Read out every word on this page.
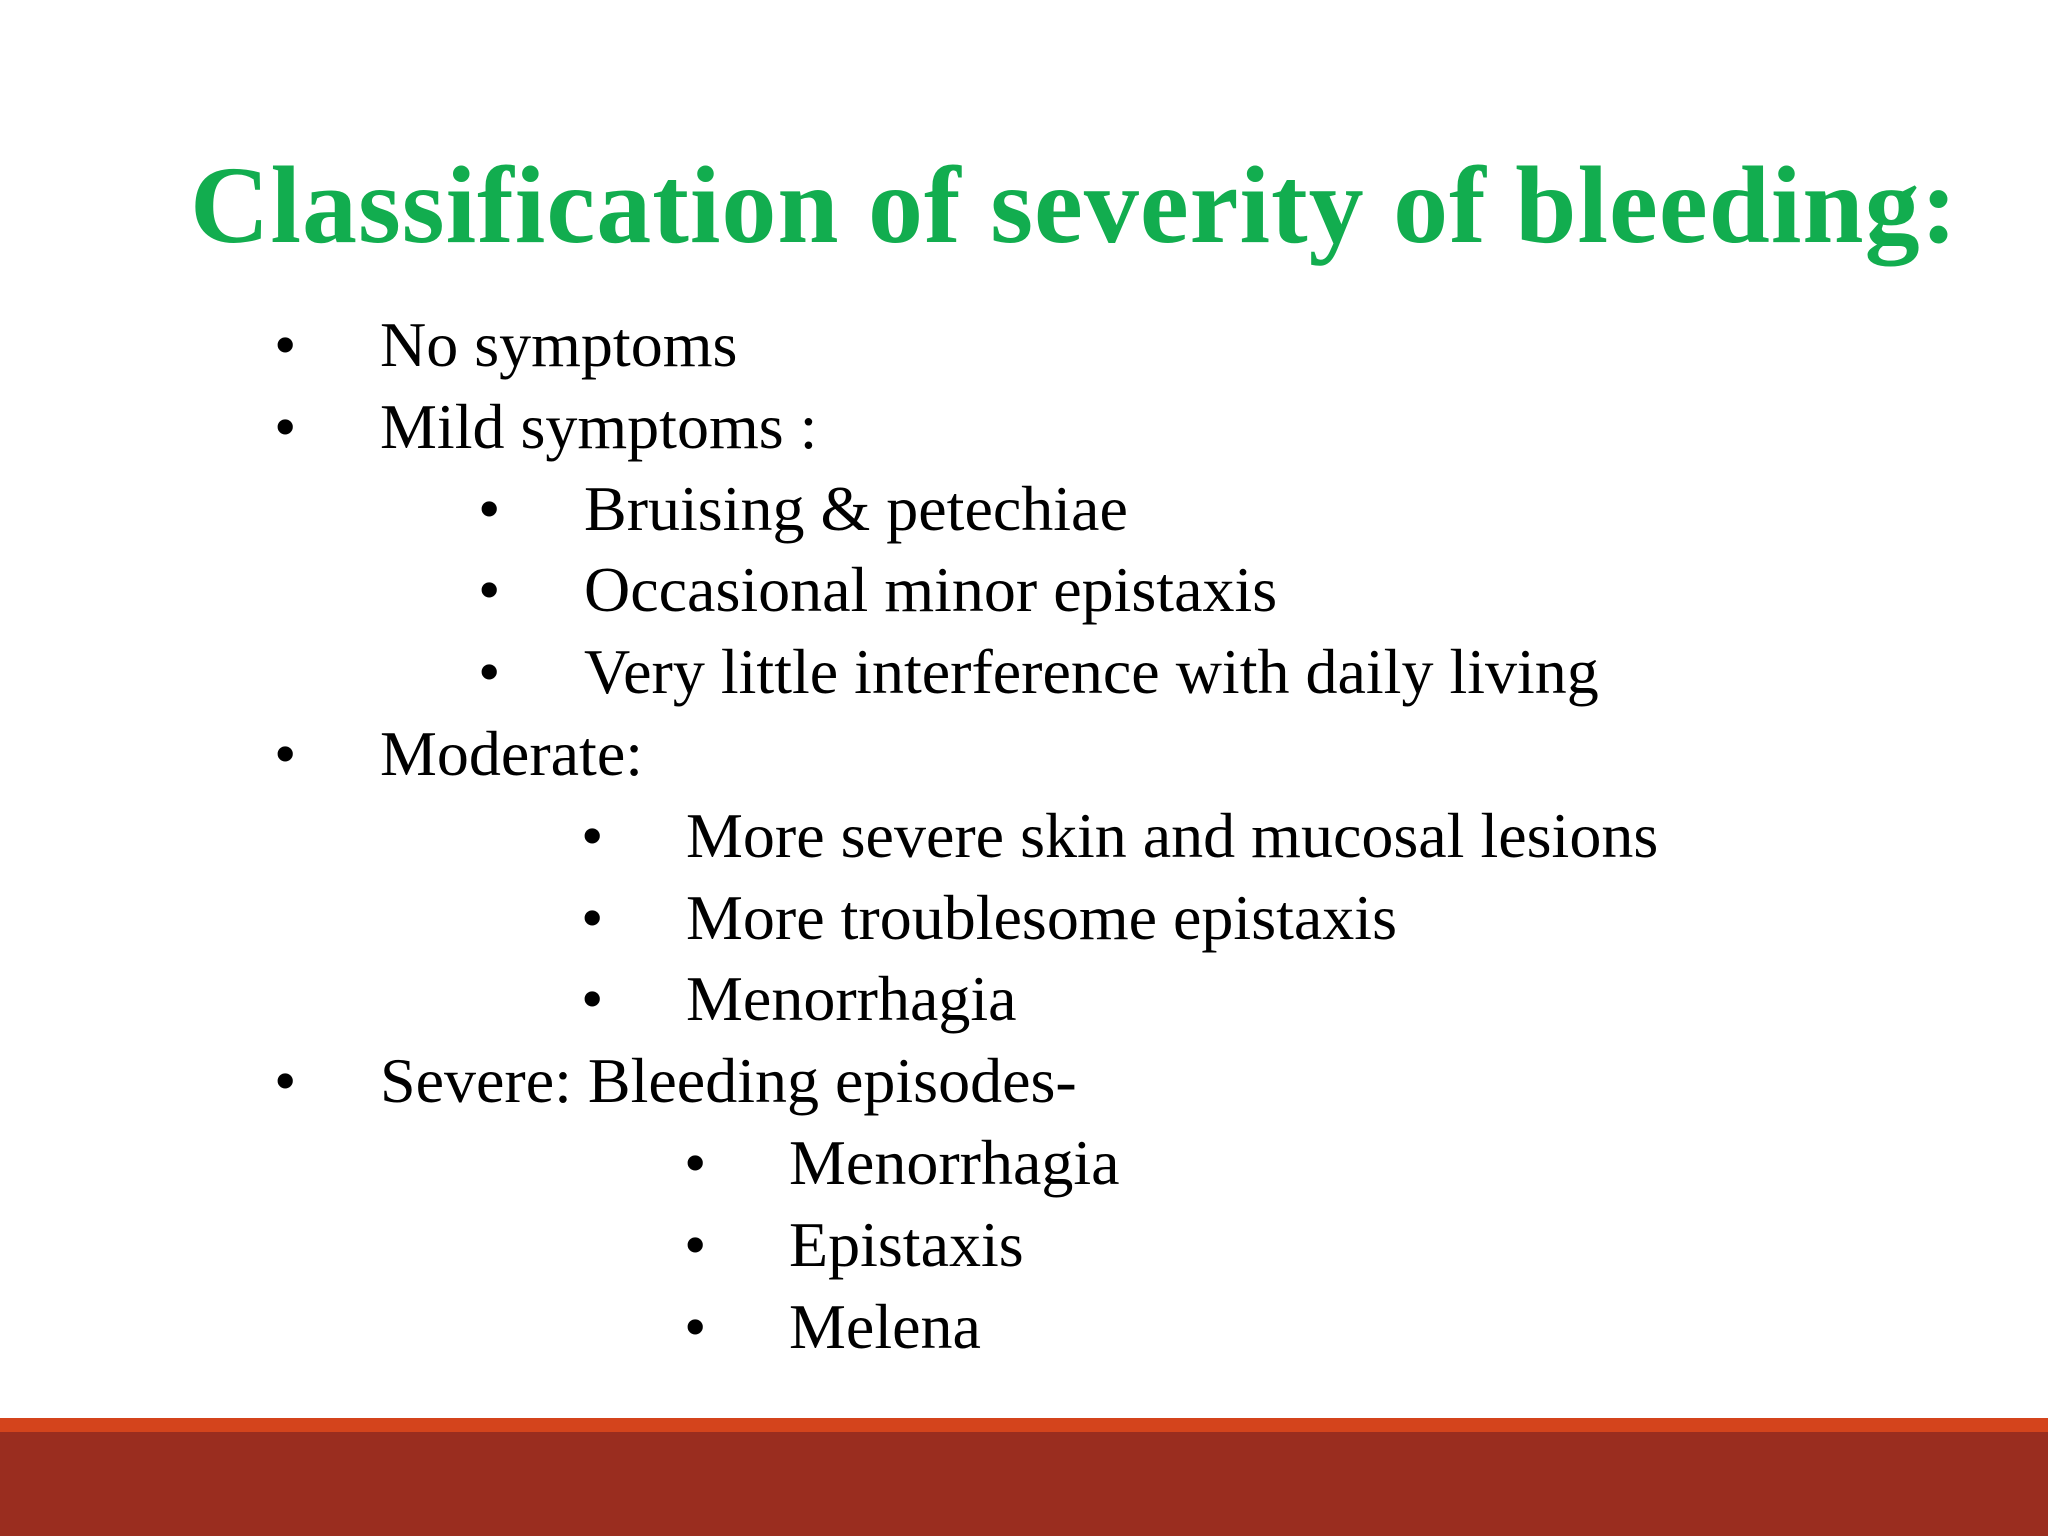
Classification of severity of bleeding:
• No symptoms
• Mild symptoms :
• Bruising & petechiae
• Occasional minor epistaxis
• Very little interference with daily living
• Moderate:
• More severe skin and mucosal lesions
• More troublesome epistaxis
• Menorrhagia
• Severe: Bleeding episodes-
• Menorrhagia
• Epistaxis
• Melena
